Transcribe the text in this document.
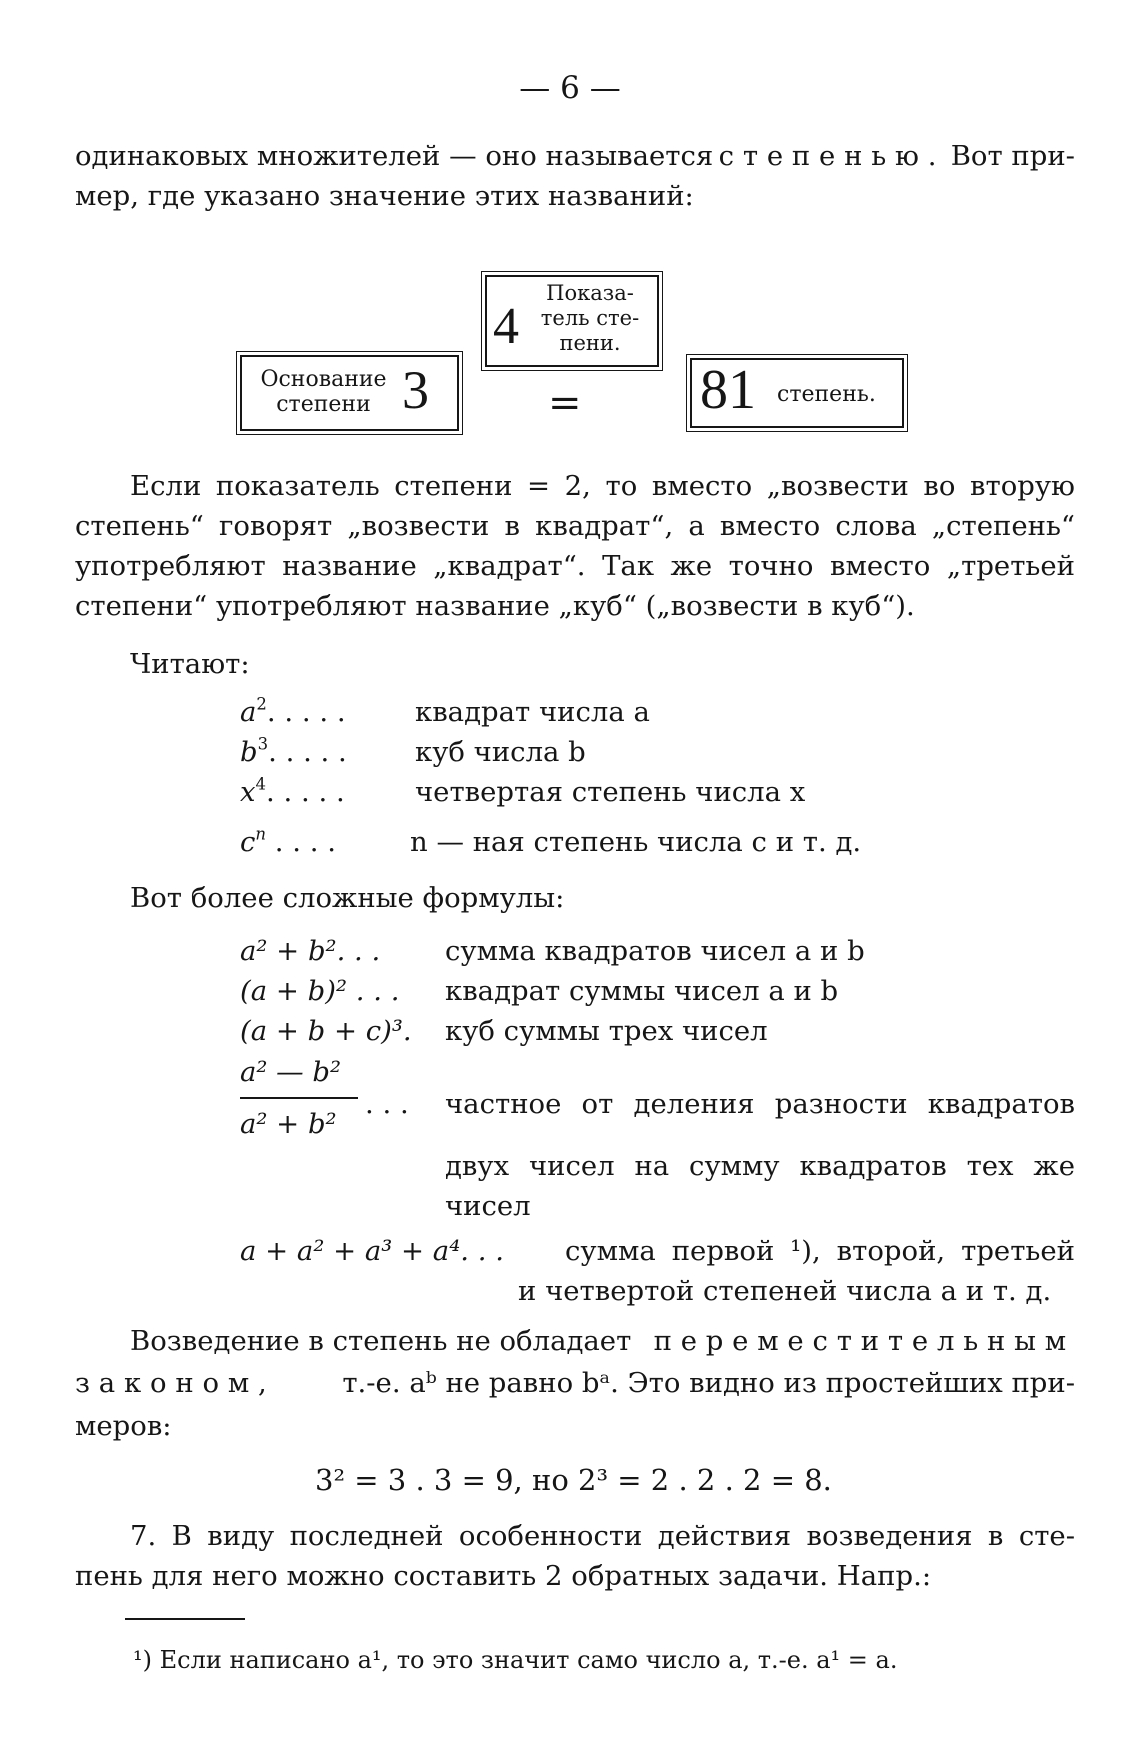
— 6 —
одинаковых множителей — оно называется степенью. Вот при-
мер, где указано значение этих названий:
Основание
степени 3
4
Показа-
тель сте-
пени.
= 81 степень.
Если показатель степени = 2, то вместо „возвести во вторую
степень“ говорят „возвести в квадрат“, а вместо слова „степень“
употребляют название „квадрат“. Так же точно вместо „третьей
степени“ употребляют название „куб“ („возвести в куб“).
Читают:
$a^2$. . . . .	квадрат числа a
$b^3$. . . . . куб числа b
$x^4$. . . . .	четвертая степень числа x
$c^n$ . . . .	n — ная степень числа с и т. д.
Вот более сложные формулы:
a² + b². . . сумма квадратов чисел a и b
(a + b)² . . . квадрат суммы чисел a и b
(a + b + c)³. куб суммы трех чисел
a² — b²
a² + b²
. . . частное от деления разности квадратов
двух чисел на сумму квадратов тех же
чисел
a + a² + a³ + a⁴. . . сумма первой ¹), второй, третьей
и четвертой степеней числа a и т. д.
Возведение в степень не обладает переместительным
законом, т.-е. aᵇ не равно bᵃ. Это видно из простейших при-
меров:
3² = 3 . 3 = 9, но 2³ = 2 . 2 . 2 = 8.
7. В виду последней особенности действия возведения в сте-
пень для него можно составить 2 обратных задачи. Напр.:
¹) Если написано a¹, то это значит само число a, т.-е. a¹ = a.
